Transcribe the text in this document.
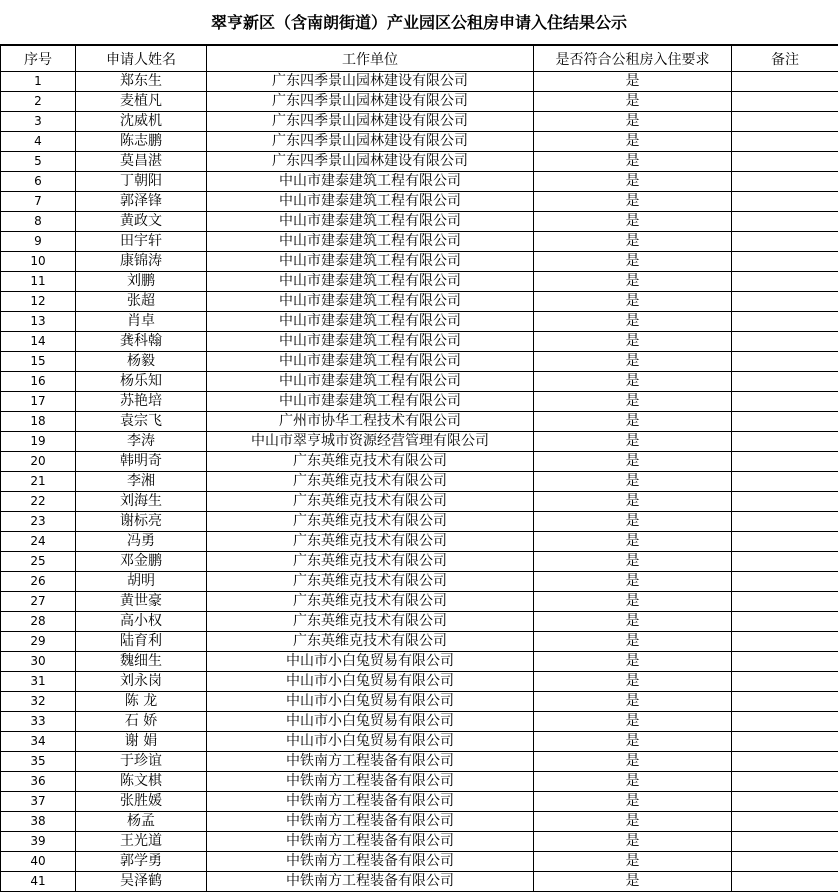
翠亨新区（含南朗街道）产业园区公租房申请入住结果公示
序号	申请人姓名	工作单位	是否符合公租房入住要求	备注
1	郑东生	广东四季景山园林建设有限公司	是	
2	麦植凡	广东四季景山园林建设有限公司	是	
3	沈威机	广东四季景山园林建设有限公司	是	
4	陈志鹏	广东四季景山园林建设有限公司	是	
5	莫昌湛	广东四季景山园林建设有限公司	是	
6	丁朝阳	中山市建泰建筑工程有限公司	是	
7	郭泽锋	中山市建泰建筑工程有限公司	是	
8	黄政文	中山市建泰建筑工程有限公司	是	
9	田宇轩	中山市建泰建筑工程有限公司	是	
10	康锦涛	中山市建泰建筑工程有限公司	是	
11	刘鹏	中山市建泰建筑工程有限公司	是	
12	张超	中山市建泰建筑工程有限公司	是	
13	肖卓	中山市建泰建筑工程有限公司	是	
14	龚科翰	中山市建泰建筑工程有限公司	是	
15	杨毅	中山市建泰建筑工程有限公司	是	
16	杨乐知	中山市建泰建筑工程有限公司	是	
17	苏艳培	中山市建泰建筑工程有限公司	是	
18	袁宗飞	广州市协华工程技术有限公司	是	
19	李涛	中山市翠亨城市资源经营管理有限公司	是	
20	韩明奇	广东英维克技术有限公司	是	
21	李湘	广东英维克技术有限公司	是	
22	刘海生	广东英维克技术有限公司	是	
23	谢标亮	广东英维克技术有限公司	是	
24	冯勇	广东英维克技术有限公司	是	
25	邓金鹏	广东英维克技术有限公司	是	
26	胡明	广东英维克技术有限公司	是	
27	黄世豪	广东英维克技术有限公司	是	
28	高小权	广东英维克技术有限公司	是	
29	陆育利	广东英维克技术有限公司	是	
30	魏细生	中山市小白兔贸易有限公司	是	
31	刘永岗	中山市小白兔贸易有限公司	是	
32	陈 龙	中山市小白兔贸易有限公司	是	
33	石 娇	中山市小白兔贸易有限公司	是	
34	谢 娟	中山市小白兔贸易有限公司	是	
35	于珍谊	中铁南方工程装备有限公司	是	
36	陈文棋	中铁南方工程装备有限公司	是	
37	张胜媛	中铁南方工程装备有限公司	是	
38	杨孟	中铁南方工程装备有限公司	是	
39	王光道	中铁南方工程装备有限公司	是	
40	郭学勇	中铁南方工程装备有限公司	是	
41	吴泽鹤	中铁南方工程装备有限公司	是	
